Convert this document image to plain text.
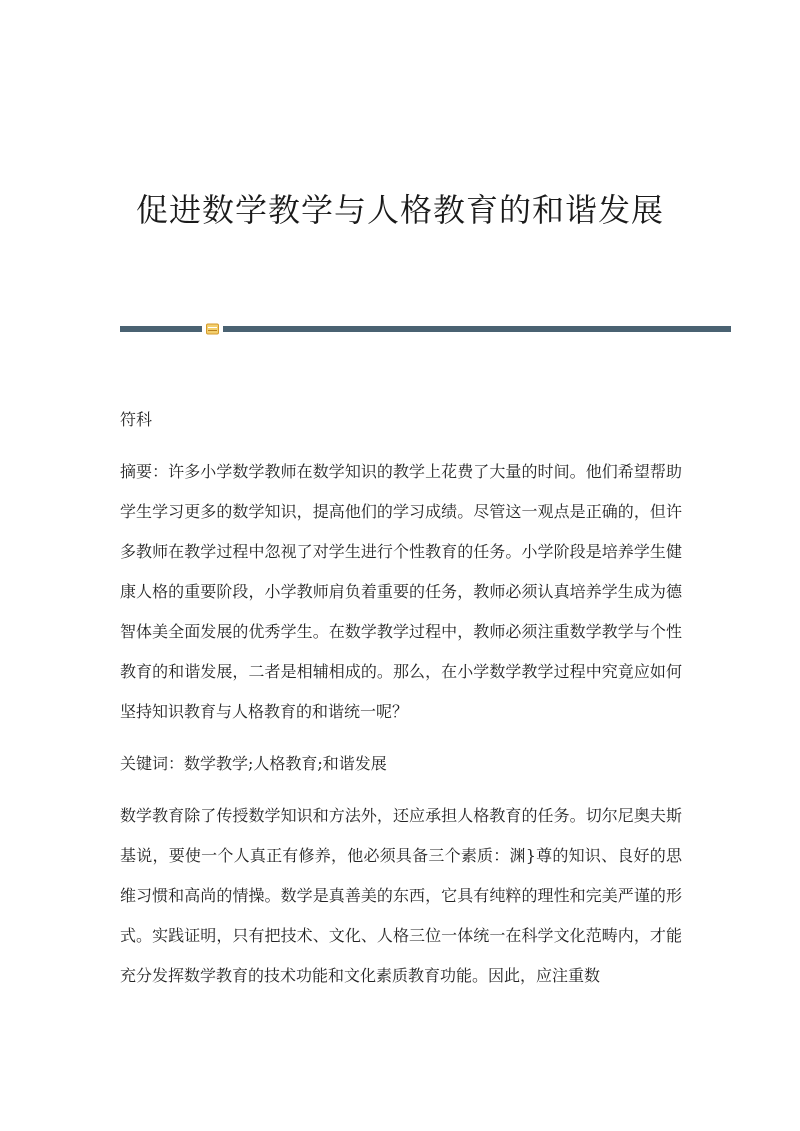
促进数学教学与人格教育的和谐发展
符科

摘要：许多小学数学教师在数学知识的教学上花费了大量的时间。他们希望帮助学生学习更多的数学知识，提高他们的学习成绩。尽管这一观点是正确的，但许多教师在教学过程中忽视了对学生进行个性教育的任务。小学阶段是培养学生健康人格的重要阶段，小学教师肩负着重要的任务，教师必须认真培养学生成为德智体美全面发展的优秀学生。在数学教学过程中，教师必须注重数学教学与个性教育的和谐发展，二者是相辅相成的。那么，在小学数学教学过程中究竟应如何坚持知识教育与人格教育的和谐统一呢？

关键词：数学教学;人格教育;和谐发展

数学教育除了传授数学知识和方法外，还应承担人格教育的任务。切尔尼奥夫斯基说，要使一个人真正有修养，他必须具备三个素质：渊}尊的知识、良好的思维习惯和高尚的情操。数学是真善美的东西，它具有纯粹的理性和完美严谨的形式。实践证明，只有把技术、文化、人格三位一体统一在科学文化范畴内，才能充分发挥数学教育的技术功能和文化素质教育功能。因此，应注重数
